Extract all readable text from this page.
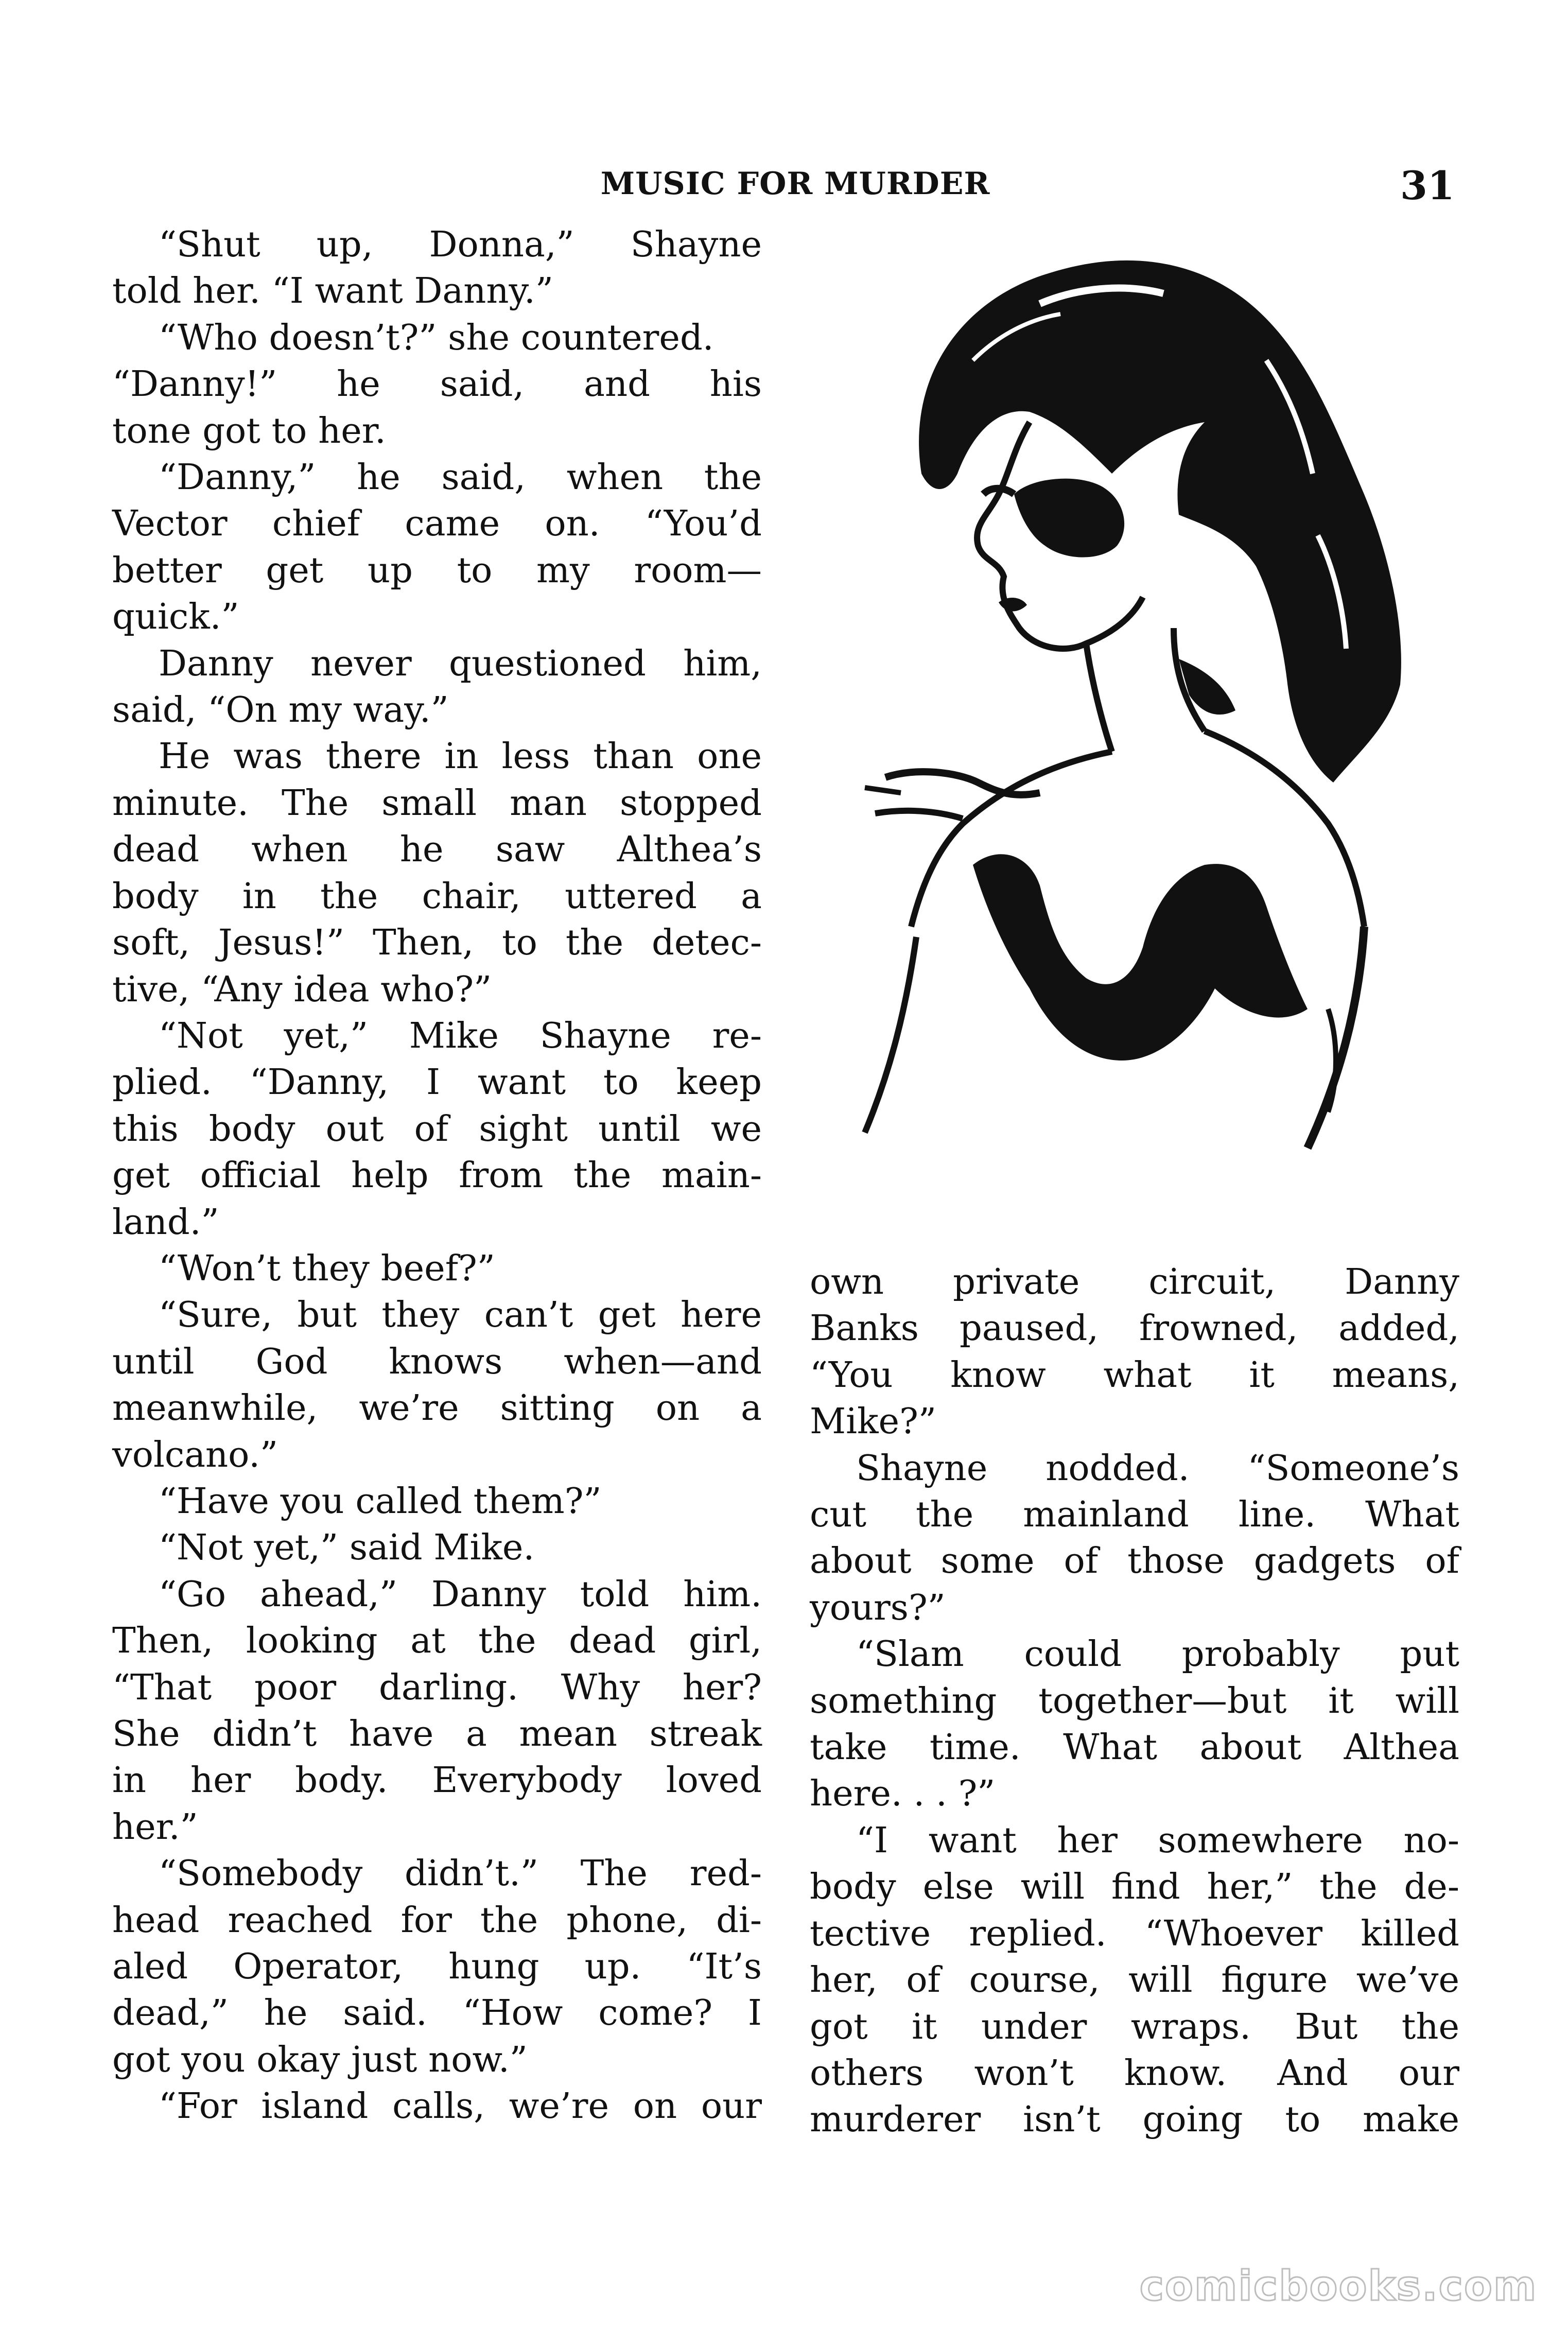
MUSIC FOR MURDER	31
“Shut up, Donna,” Shayne
told her. “I want Danny.”
“Who doesn’t?” she countered.
“Danny!” he said, and his
tone got to her.
“Danny,” he said, when the
Vector chief came on. “You’d
better get up to my room—
quick.”
Danny never questioned him,
said, “On my way.”
He was there in less than one
minute. The small man stopped
dead when he saw Althea’s
body in the chair, uttered a
soft, Jesus!” Then, to the detec-
tive, “Any idea who?”
“Not yet,” Mike Shayne re-
plied. “Danny, I want to keep
this body out of sight until we
get official help from the main-
land.”
“Won’t they beef?”
“Sure, but they can’t get here
until God knows when—and
meanwhile, we’re sitting on a
volcano.”
“Have you called them?”
“Not yet,” said Mike.
“Go ahead,” Danny told him.
Then, looking at the dead girl,
“That poor darling. Why her?
She didn’t have a mean streak
in her body. Everybody loved
her.”
“Somebody didn’t.” The red-
head reached for the phone, di-
aled Operator, hung up. “It’s
dead,” he said. “How come? I
got you okay just now.”
“For island calls, we’re on our
own private circuit, Danny
Banks paused, frowned, added,
“You know what it means,
Mike?”
Shayne nodded. “Someone’s
cut the mainland line. What
about some of those gadgets of
yours?”
“Slam could probably put
something together—but it will
take time. What about Althea
here. . . ?”
“I want her somewhere no-
body else will find her,” the de-
tective replied. “Whoever killed
her, of course, will figure we’ve
got it under wraps. But the
others won’t know. And our
murderer isn’t going to make
comicbooks.com
